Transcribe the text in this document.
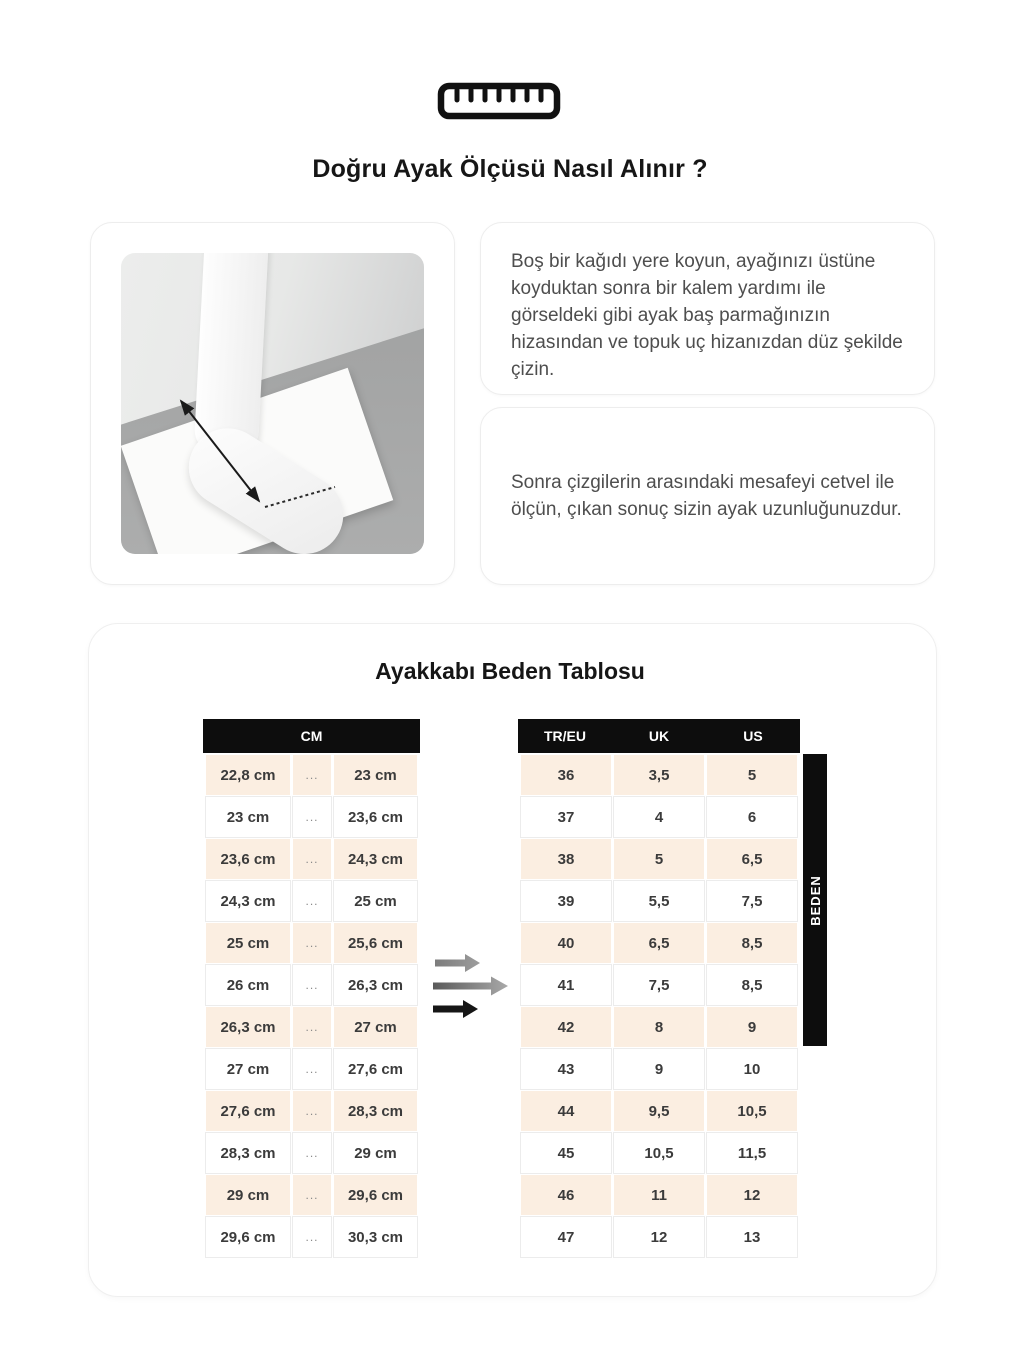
Doğru Ayak Ölçüsü Nasıl Alınır ?

Boş bir kağıdı yere koyun, ayağınızı üstüne koyduktan sonra bir kalem yardımı ile görseldeki gibi ayak baş parmağınızın hizasından ve topuk uç hizanızdan düz şekilde çizin.

Sonra çizgilerin arasındaki mesafeyi cetvel ile ölçün, çıkan sonuç sizin ayak uzunluğunuzdur.

Ayakkabı Beden Tablosu
CM
22,8 cm	...	23 cm
23 cm	...	23,6 cm
23,6 cm	...	24,3 cm
24,3 cm	...	25 cm
25 cm	...	25,6 cm
26 cm	...	26,3 cm
26,3 cm	...	27 cm
27 cm	...	27,6 cm
27,6 cm	...	28,3 cm
28,3 cm	...	29 cm
29 cm	...	29,6 cm
29,6 cm	...	30,3 cm
TR/EU	UK	US
36	3,5	5
37	4	6
38	5	6,5
39	5,5	7,5
40	6,5	8,5
41	7,5	8,5
42	8	9
43	9	10
44	9,5	10,5
45	10,5	11,5
46	11	12
47	12	13
BEDEN
